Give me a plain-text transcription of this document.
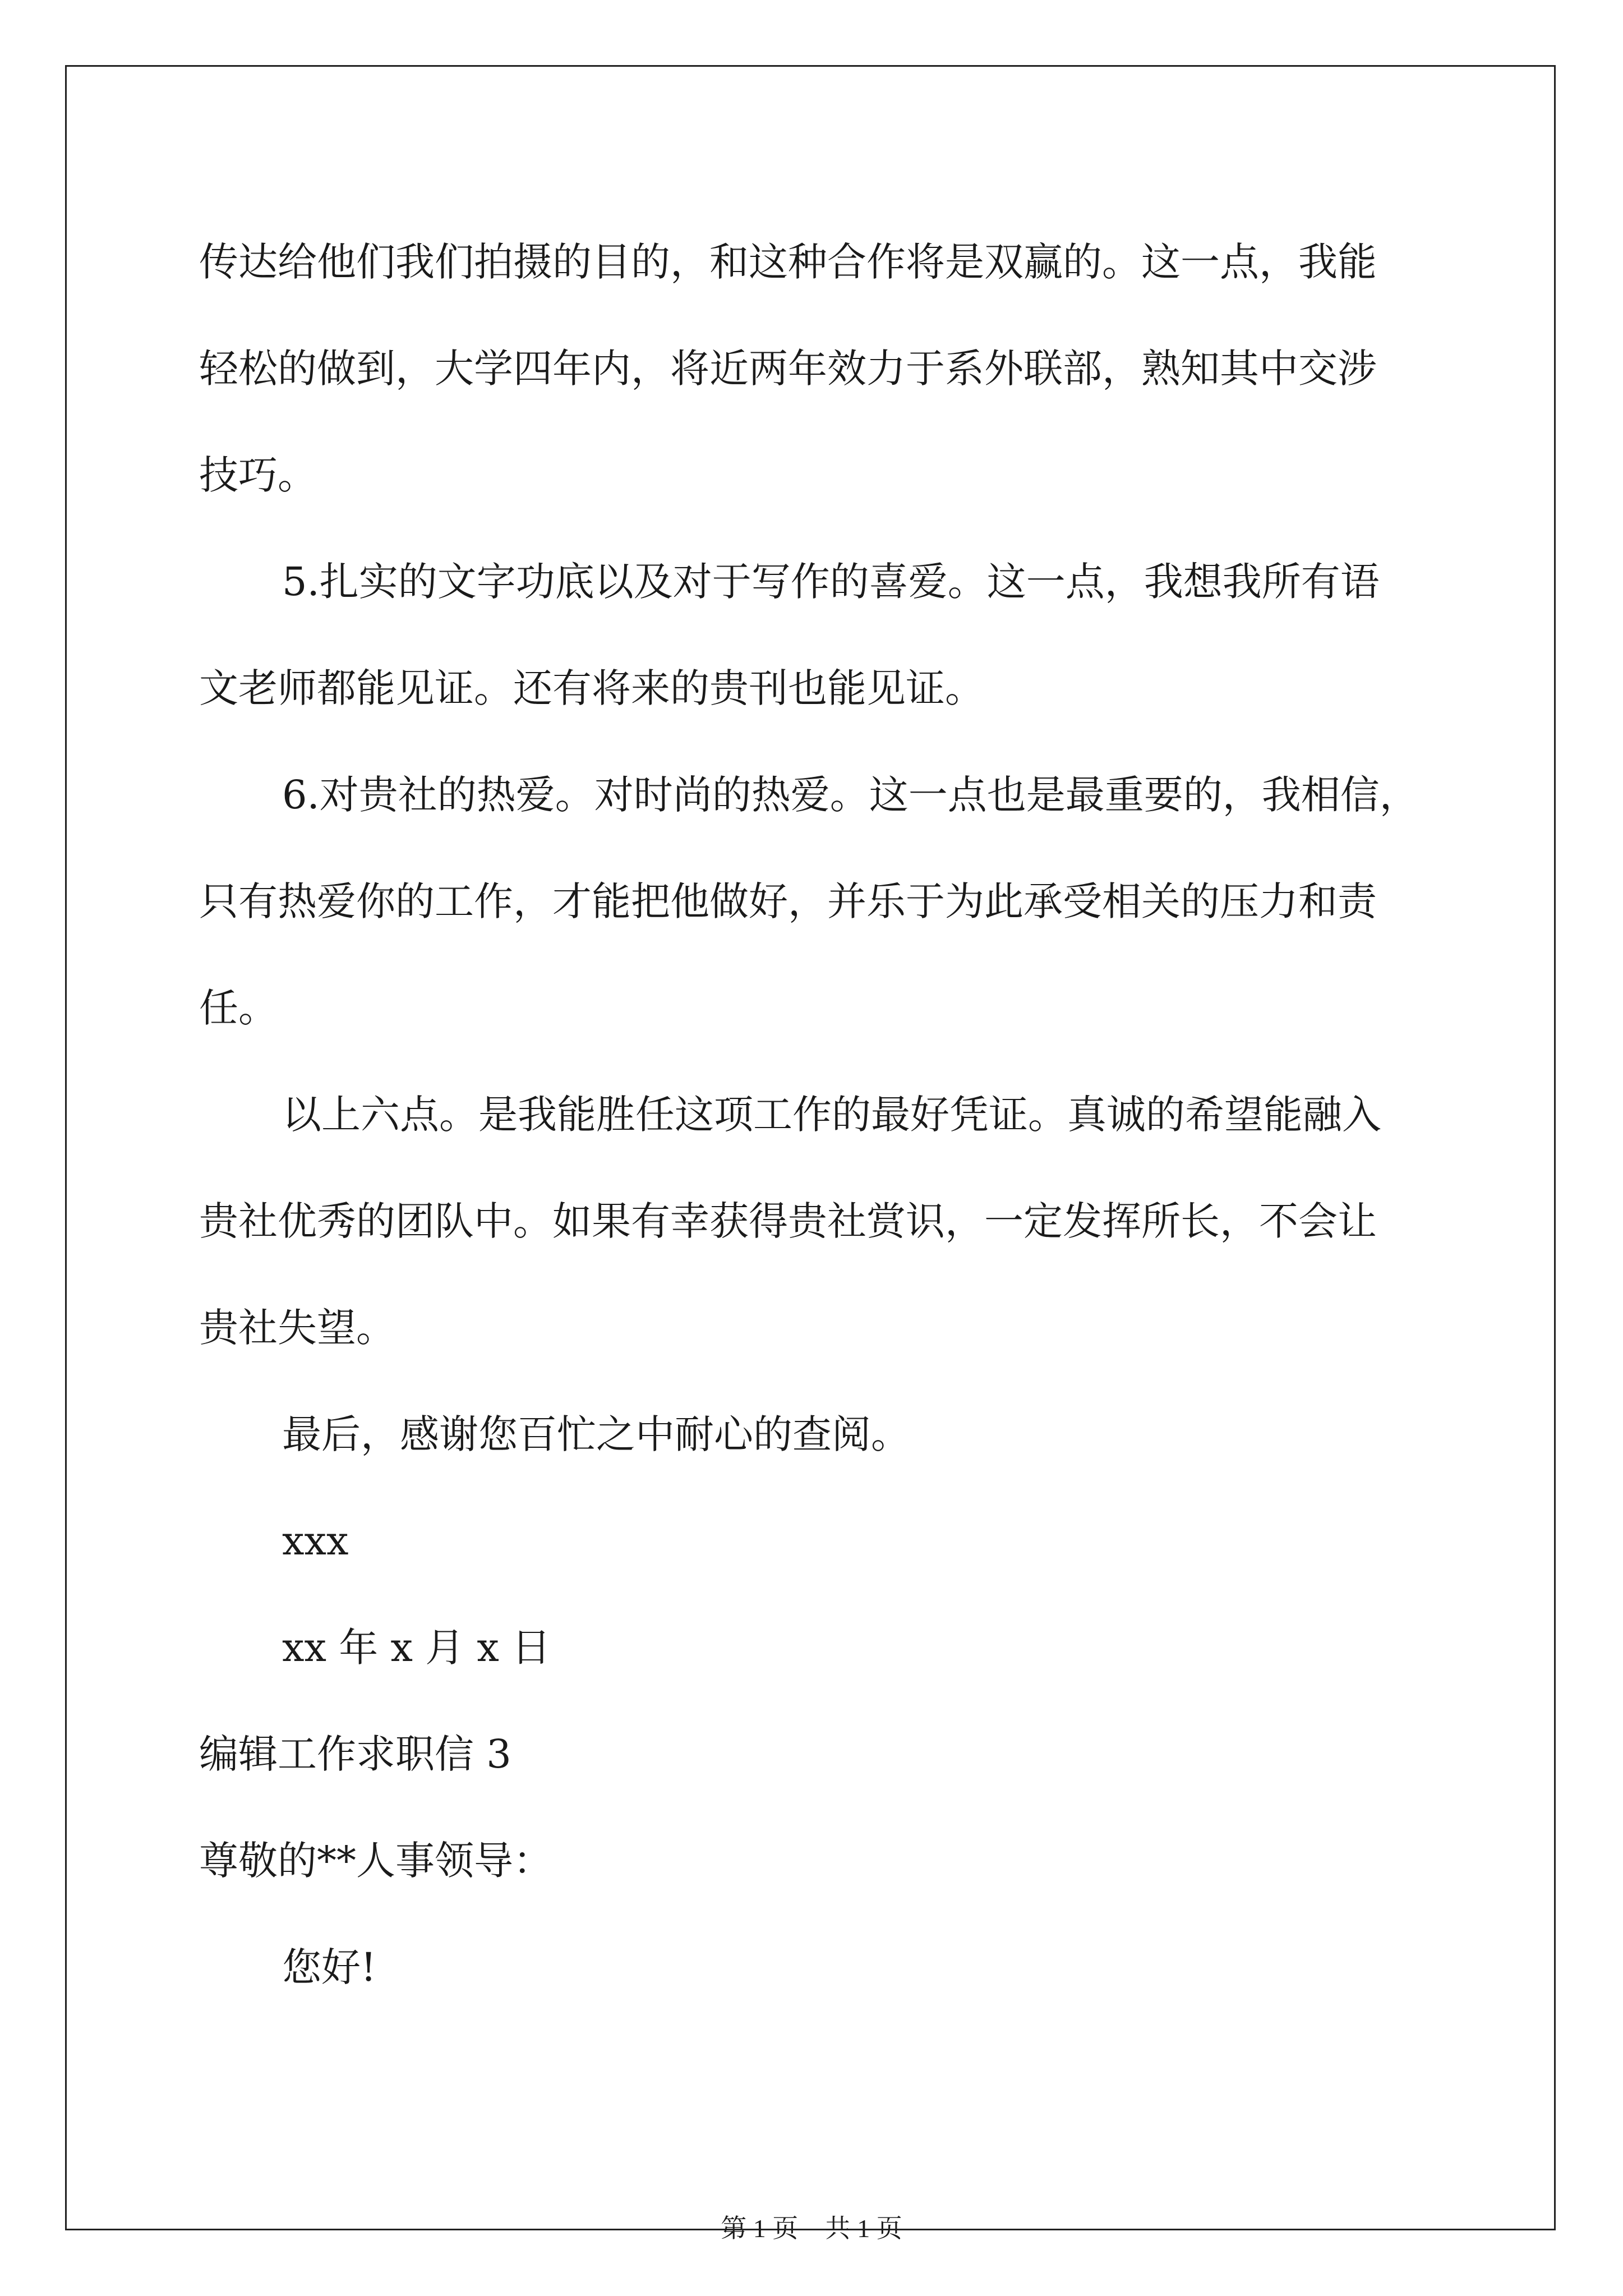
传达给他们我们拍摄的目的，和这种合作将是双赢的。这一点，我能

轻松的做到，大学四年内，将近两年效力于系外联部，熟知其中交涉

技巧。

5.扎实的文字功底以及对于写作的喜爱。这一点，我想我所有语

文老师都能见证。还有将来的贵刊也能见证。

6.对贵社的热爱。对时尚的热爱。这一点也是最重要的，我相信，

只有热爱你的工作，才能把他做好，并乐于为此承受相关的压力和责

任。

以上六点。是我能胜任这项工作的最好凭证。真诚的希望能融入

贵社优秀的团队中。如果有幸获得贵社赏识，一定发挥所长，不会让

贵社失望。

最后，感谢您百忙之中耐心的查阅。

xxx

xx 年 x 月 x 日

编辑工作求职信 3

尊敬的**人事领导：

您好!

第 1 页 共 1 页
